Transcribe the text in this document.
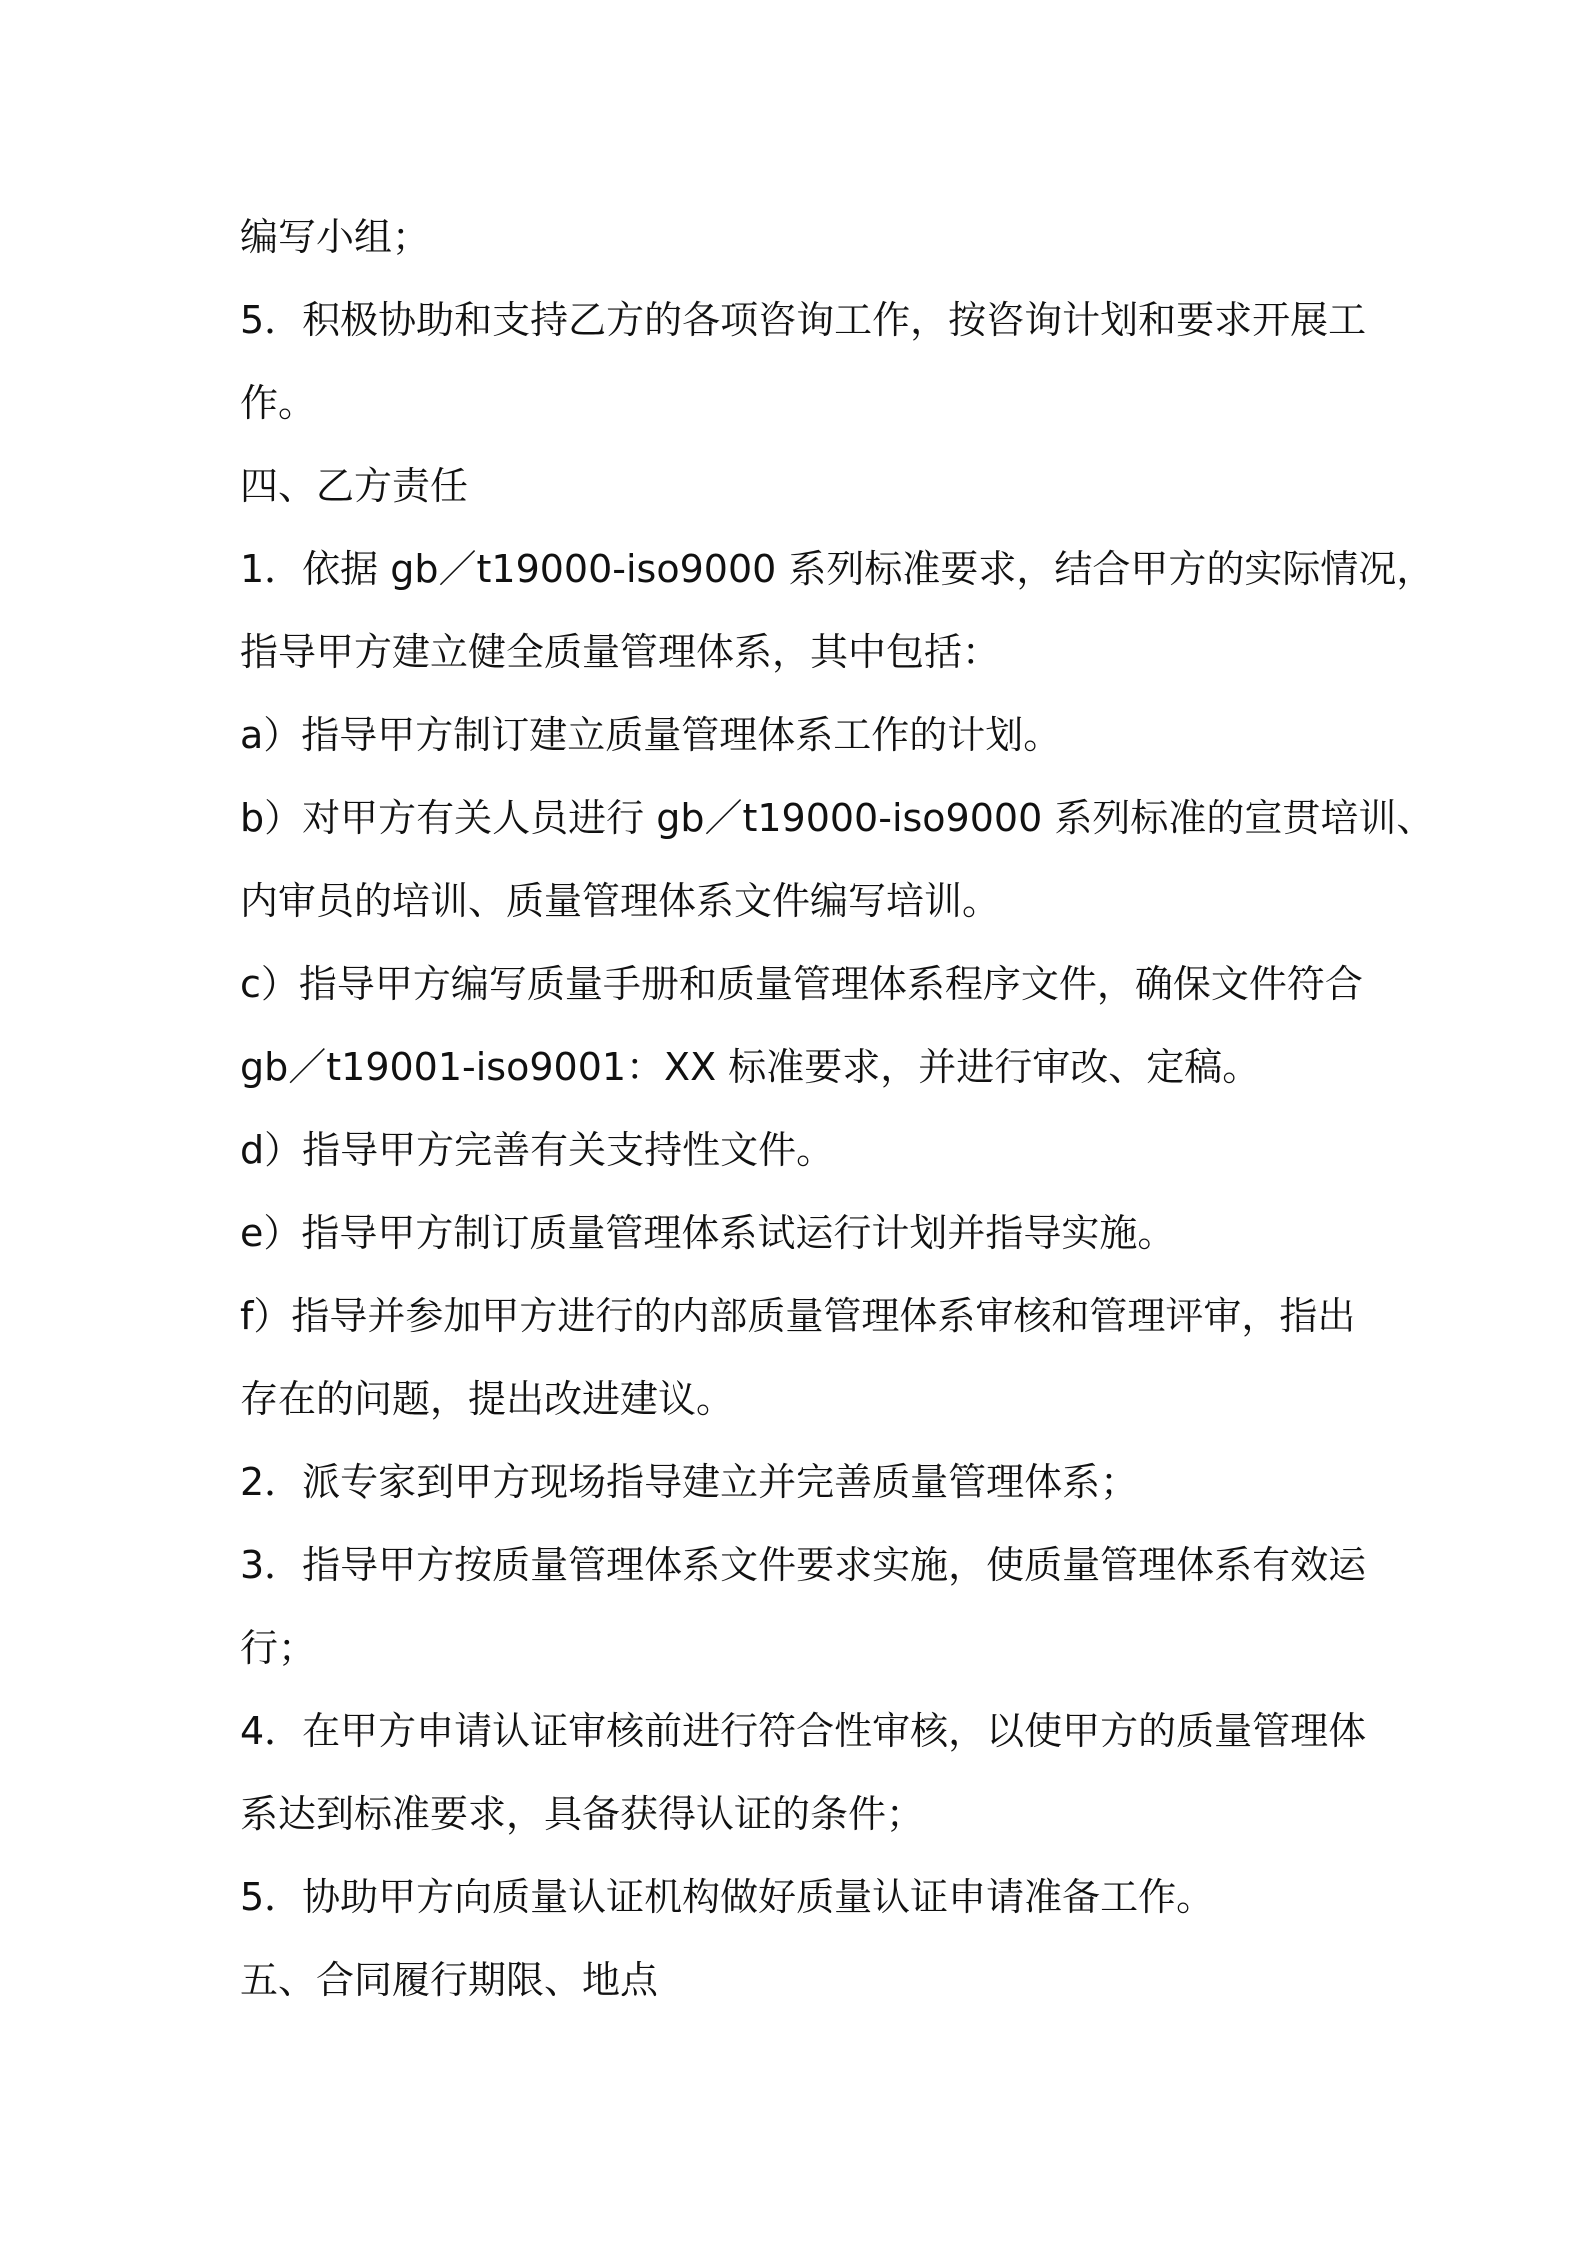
编写小组；
5．积极协助和支持乙方的各项咨询工作，按咨询计划和要求开展工
作。
四、乙方责任
1．依据 gb／t19000-iso9000 系列标准要求，结合甲方的实际情况，
指导甲方建立健全质量管理体系，其中包括：
a）指导甲方制订建立质量管理体系工作的计划。
b）对甲方有关人员进行 gb／t19000-iso9000 系列标准的宣贯培训、
内审员的培训、质量管理体系文件编写培训。
c）指导甲方编写质量手册和质量管理体系程序文件，确保文件符合
gb／t19001-iso9001：XX 标准要求，并进行审改、定稿。
d）指导甲方完善有关支持性文件。
e）指导甲方制订质量管理体系试运行计划并指导实施。
f）指导并参加甲方进行的内部质量管理体系审核和管理评审，指出
存在的问题，提出改进建议。
2．派专家到甲方现场指导建立并完善质量管理体系；
3．指导甲方按质量管理体系文件要求实施，使质量管理体系有效运
行；
4．在甲方申请认证审核前进行符合性审核，以使甲方的质量管理体
系达到标准要求，具备获得认证的条件；
5．协助甲方向质量认证机构做好质量认证申请准备工作。
五、合同履行期限、地点
